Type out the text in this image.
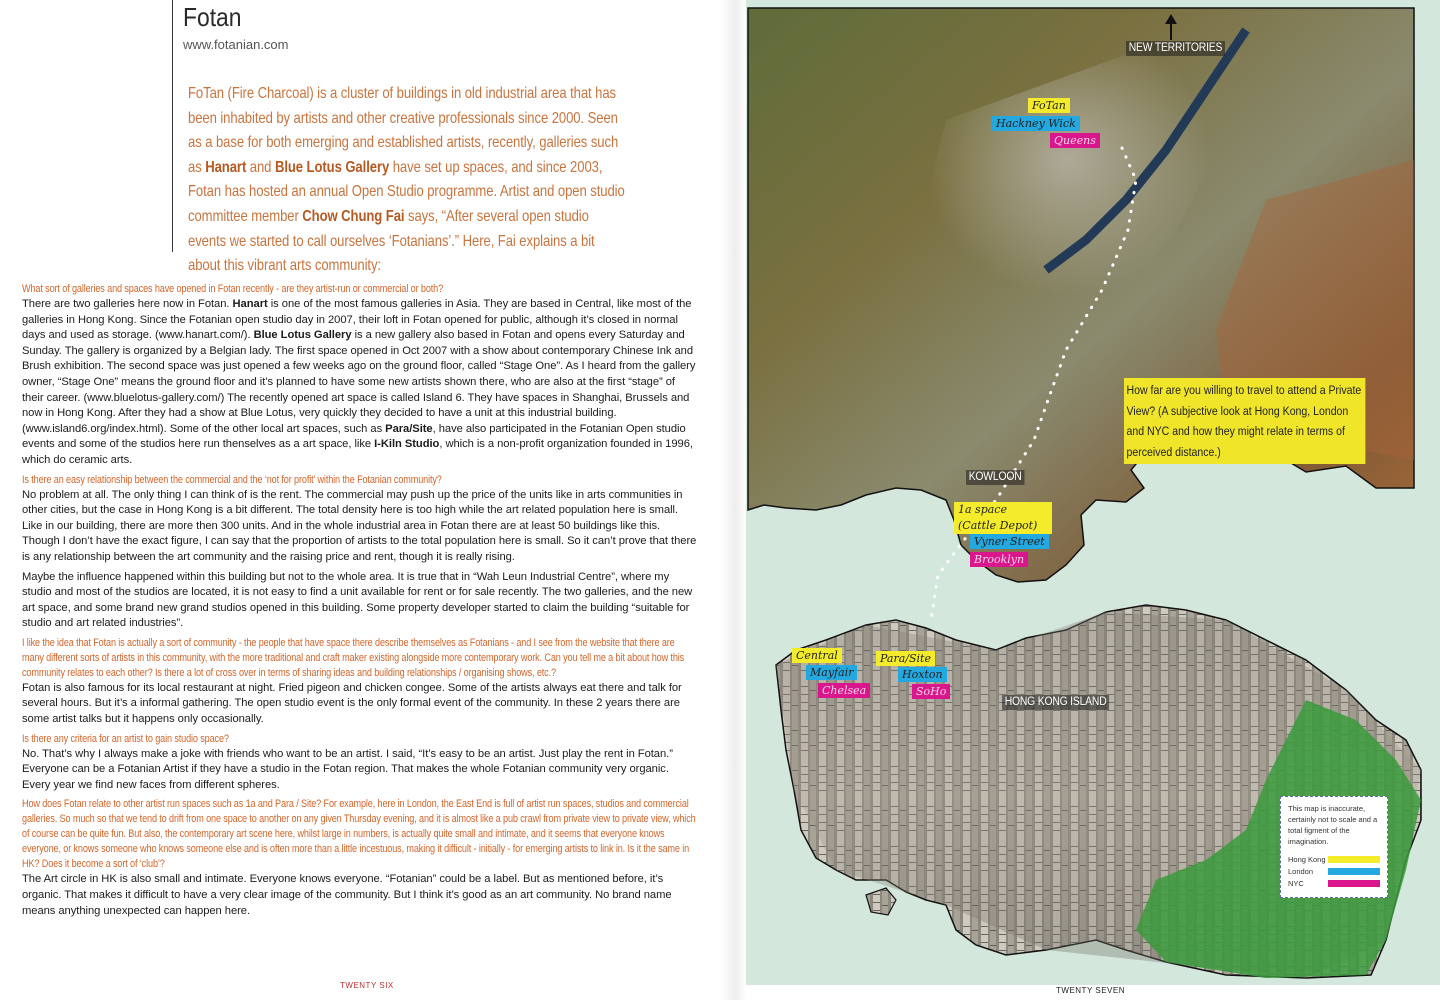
Fotan
www.fotanian.com
FoTan (Fire Charcoal) is a cluster of buildings in old industrial area that has been inhabited by artists and other creative professionals since 2000. Seen as a base for both emerging and established artists, recently, galleries such as Hanart and Blue Lotus Gallery have set up spaces, and since 2003, Fotan has hosted an annual Open Studio programme. Artist and open studio committee member Chow Chung Fai says, “After several open studio events we started to call ourselves ‘Fotanians’.” Here, Fai explains a bit about this vibrant arts community:

What sort of galleries and spaces have opened in Fotan recently - are they artist-run or commercial or both?

There are two galleries here now in Fotan. Hanart is one of the most famous galleries in Asia. They are based in Central, like most of the galleries in Hong Kong. Since the Fotanian open studio day in 2007, their loft in Fotan opened for public, although it’s closed in normal days and used as storage. (www.hanart.com/). Blue Lotus Gallery is a new gallery also based in Fotan and opens every Saturday and Sunday. The gallery is organized by a Belgian lady. The first space opened in Oct 2007 with a show about contemporary Chinese Ink and Brush exhibition. The second space was just opened a few weeks ago on the ground floor, called “Stage One”. As I heard from the gallery owner, “Stage One” means the ground floor and it’s planned to have some new artists shown there, who are also at the first “stage” of their career. (www.bluelotus-gallery.com/) The recently opened art space is called Island 6. They have spaces in Shanghai, Brussels and now in Hong Kong. After they had a show at Blue Lotus, very quickly they decided to have a unit at this industrial building. (www.island6.org/index.html). Some of the other local art spaces, such as Para/Site, have also participated in the Fotanian Open studio events and some of the studios here run thenselves as a art space, like I-Kiln Studio, which is a non-profit organization founded in 1996, which do ceramic arts.

Is there an easy relationship between the commercial and the ‘not for profit’ within the Fotanian community?

No problem at all. The only thing I can think of is the rent. The commercial may push up the price of the units like in arts communities in other cities, but the case in Hong Kong is a bit different. The total density here is too high while the art related population here is small. Like in our building, there are more then 300 units. And in the whole industrial area in Fotan there are at least 50 buildings like this. Though I don’t have the exact figure, I can say that the proportion of artists to the total population here is small. So it can’t prove that there is any relationship between the art community and the raising price and rent, though it is really rising.

Maybe the influence happened within this building but not to the whole area. It is true that in “Wah Leun Industrial Centre”, where my studio and most of the studios are located, it is not easy to find a unit available for rent or for sale recently. The two galleries, and the new art space, and some brand new grand studios opened in this building. Some property developer started to claim the building “suitable for studio and art related industries”.

I like the idea that Fotan is actually a sort of community - the people that have space there describe themselves as Fotanians - and I see from the website that there are many different sorts of artists in this community, with the more traditional and craft maker existing alongside more contemporary work. Can you tell me a bit about how this community relates to each other? Is there a lot of cross over in terms of sharing ideas and building relationships / organising shows, etc.?

Fotan is also famous for its local restaurant at night. Fried pigeon and chicken congee. Some of the artists always eat there and talk for several hours. But it’s a informal gathering. The open studio event is the only formal event of the community. In these 2 years there are some artist talks but it happens only occasionally.

Is there any criteria for an artist to gain studio space?

No. That’s why I always make a joke with friends who want to be an artist. I said, “It’s easy to be an artist. Just play the rent in Fotan.” Everyone can be a Fotanian Artist if they have a studio in the Fotan region. That makes the whole Fotanian community very organic. Every year we find new faces from different spheres.

How does Fotan relate to other artist run spaces such as 1a and Para / Site? For example, here in London, the East End is full of artist run spaces, studios and commercial galleries. So much so that we tend to drift from one space to another on any given Thursday evening, and it is almost like a pub crawl from private view to private view, which of course can be quite fun. But also, the contemporary art scene here, whilst large in numbers, is actually quite small and intimate, and it seems that everyone knows everyone, or knows someone who knows someone else and is often more than a little incestuous, making it difficult - initially - for emerging artists to link in. Is it the same in HK? Does it become a sort of ‘club’?

The Art circle in HK is also small and intimate. Everyone knows everyone. “Fotanian” could be a label. But as mentioned before, it’s organic. That makes it difficult to have a very clear image of the community. But I think it’s good as an art community. No brand name means anything unexpected can happen here.

TWENTY SIX
NEW TERRITORIES
KOWLOON
HONG KONG ISLAND
FoTan
Hackney Wick
Queens
1a space
(Cattle Depot)
Vyner Street
Brooklyn
Central
Mayfair
Chelsea
Para/Site
Hoxton
SoHo
How far are you willing to travel to attend a Private View? (A subjective look at Hong Kong, London and NYC and how they might relate in terms of perceived distance.)
This map is inaccurate, certainly not to scale and a total figment of the imagination.
Hong Kong
London
NYC
TWENTY SEVEN
